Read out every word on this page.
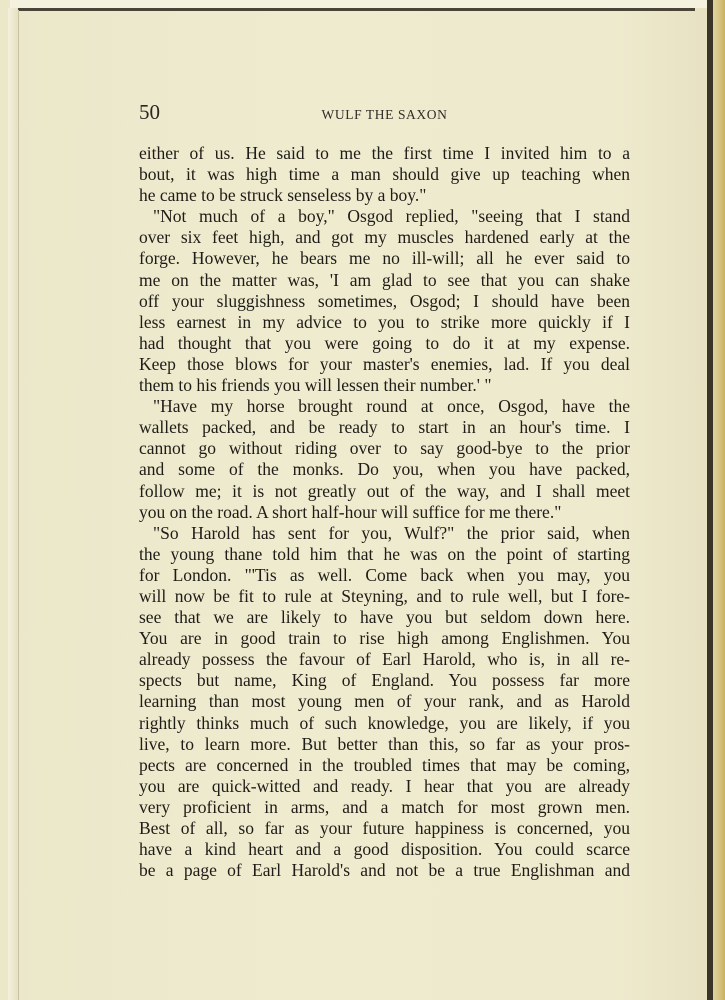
50	WULF THE SAXON
either of us. He said to me the first time I invited him to a
bout, it was high time a man should give up teaching when
he came to be struck senseless by a boy."
"Not much of a boy," Osgod replied, "seeing that I stand
over six feet high, and got my muscles hardened early at the
forge. However, he bears me no ill-will; all he ever said to
me on the matter was, 'I am glad to see that you can shake
off your sluggishness sometimes, Osgod; I should have been
less earnest in my advice to you to strike more quickly if I
had thought that you were going to do it at my expense.
Keep those blows for your master's enemies, lad. If you deal
them to his friends you will lessen their number.' "
"Have my horse brought round at once, Osgod, have the
wallets packed, and be ready to start in an hour's time. I
cannot go without riding over to say good-bye to the prior
and some of the monks. Do you, when you have packed,
follow me; it is not greatly out of the way, and I shall meet
you on the road. A short half-hour will suffice for me there."
"So Harold has sent for you, Wulf?" the prior said, when
the young thane told him that he was on the point of starting
for London. "'Tis as well. Come back when you may, you
will now be fit to rule at Steyning, and to rule well, but I fore-
see that we are likely to have you but seldom down here.
You are in good train to rise high among Englishmen. You
already possess the favour of Earl Harold, who is, in all re-
spects but name, King of England. You possess far more
learning than most young men of your rank, and as Harold
rightly thinks much of such knowledge, you are likely, if you
live, to learn more. But better than this, so far as your pros-
pects are concerned in the troubled times that may be coming,
you are quick-witted and ready. I hear that you are already
very proficient in arms, and a match for most grown men.
Best of all, so far as your future happiness is concerned, you
have a kind heart and a good disposition. You could scarce
be a page of Earl Harold's and not be a true Englishman and
